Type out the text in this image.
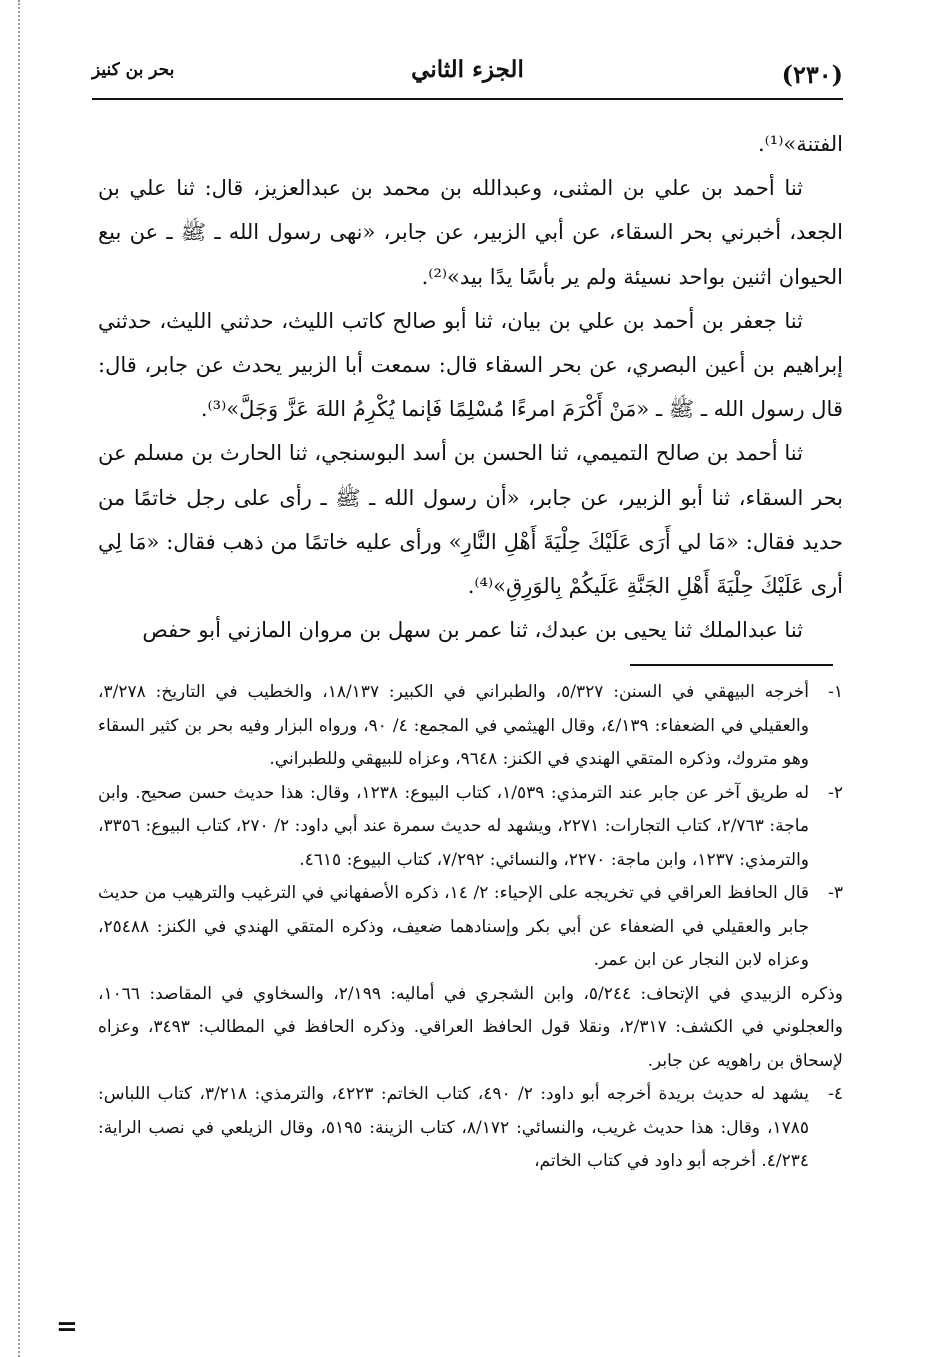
(٢٣٠)
الجزء الثاني
بحر بن كنيز

الفتنة»⁽¹⁾.

ثنا أحمد بن علي بن المثنى، وعبدالله بن محمد بن عبدالعزيز، قال: ثنا علي بن الجعد، أخبرني بحر السقاء، عن أبي الزبير، عن جابر، «نهى رسول الله ـ ﷺ ـ عن بيع الحيوان اثنين بواحد نسيئة ولم ير بأسًا يدًا بيد»⁽²⁾.

ثنا جعفر بن أحمد بن علي بن بيان، ثنا أبو صالح كاتب الليث، حدثني الليث، حدثني إبراهيم بن أعين البصري، عن بحر السقاء قال: سمعت أبا الزبير يحدث عن جابر، قال: قال رسول الله ـ ﷺ ـ «مَنْ أَكْرَمَ امرءًا مُسْلِمًا فَإنما يُكْرِمُ اللهَ عَزَّ وَجَلَّ»⁽³⁾.

ثنا أحمد بن صالح التميمي، ثنا الحسن بن أسد البوسنجي، ثنا الحارث بن مسلم عن بحر السقاء، ثنا أبو الزبير، عن جابر، «أن رسول الله ـ ﷺ ـ رأى على رجل خاتمًا من حديد فقال: «مَا لي أَرَى عَلَيْكَ حِلْيَةَ أَهْلِ النَّارِ» ورأى عليه خاتمًا من ذهب فقال: «مَا لِي أرى عَلَيْكَ حِلْيَةَ أَهْلِ الجَنَّةِ عَلَيكُمْ بِالوَرِقِ»⁽⁴⁾.

ثنا عبدالملك ثنا يحيى بن عبدك، ثنا عمر بن سهل بن مروان المازني أبو حفص

١-
أخرجه البيهقي في السنن: ٥/٣٢٧، والطبراني في الكبير: ١٨/١٣٧، والخطيب في التاريخ: ٣/٢٧٨، والعقيلي في الضعفاء: ٤/١٣٩، وقال الهيثمي في المجمع: ٤/ ٩٠، ورواه البزار وفيه بحر بن كثير السقاء وهو متروك، وذكره المتقي الهندي في الكنز: ٩٦٤٨، وعزاه للبيهقي وللطبراني.

٢-
له طريق آخر عن جابر عند الترمذي: ١/٥٣٩، كتاب البيوع: ١٢٣٨، وقال: هذا حديث حسن صحيح. وابن ماجة: ٢/٧٦٣، كتاب التجارات: ٢٢٧١، ويشهد له حديث سمرة عند أبي داود: ٢/ ٢٧٠، كتاب البيوع: ٣٣٥٦، والترمذي: ١٢٣٧، وابن ماجة: ٢٢٧٠، والنسائي: ٧/٢٩٢، كتاب البيوع: ٤٦١٥.

٣-
قال الحافظ العراقي في تخريجه على الإحياء: ٢/ ١٤، ذكره الأصفهاني في الترغيب والترهيب من حديث جابر والعقيلي في الضعفاء عن أبي بكر وإسنادهما ضعيف، وذكره المتقي الهندي في الكنز: ٢٥٤٨٨، وعزاه لابن النجار عن ابن عمر.

وذكره الزبيدي في الإتحاف: ٥/٢٤٤، وابن الشجري في أماليه: ٢/١٩٩، والسخاوي في المقاصد: ١٠٦٦، والعجلوني في الكشف: ٢/٣١٧، ونقلا قول الحافظ العراقي. وذكره الحافظ في المطالب: ٣٤٩٣، وعزاه لإسحاق بن راهويه عن جابر.

٤-
يشهد له حديث بريدة أخرجه أبو داود: ٢/ ٤٩٠، كتاب الخاتم: ٤٢٢٣، والترمذي: ٣/٢١٨، كتاب اللباس: ١٧٨٥، وقال: هذا حديث غريب، والنسائي: ٨/١٧٢، كتاب الزينة: ٥١٩٥، وقال الزيلعي في نصب الراية: ٤/٢٣٤. أخرجه أبو داود في كتاب الخاتم،

=
